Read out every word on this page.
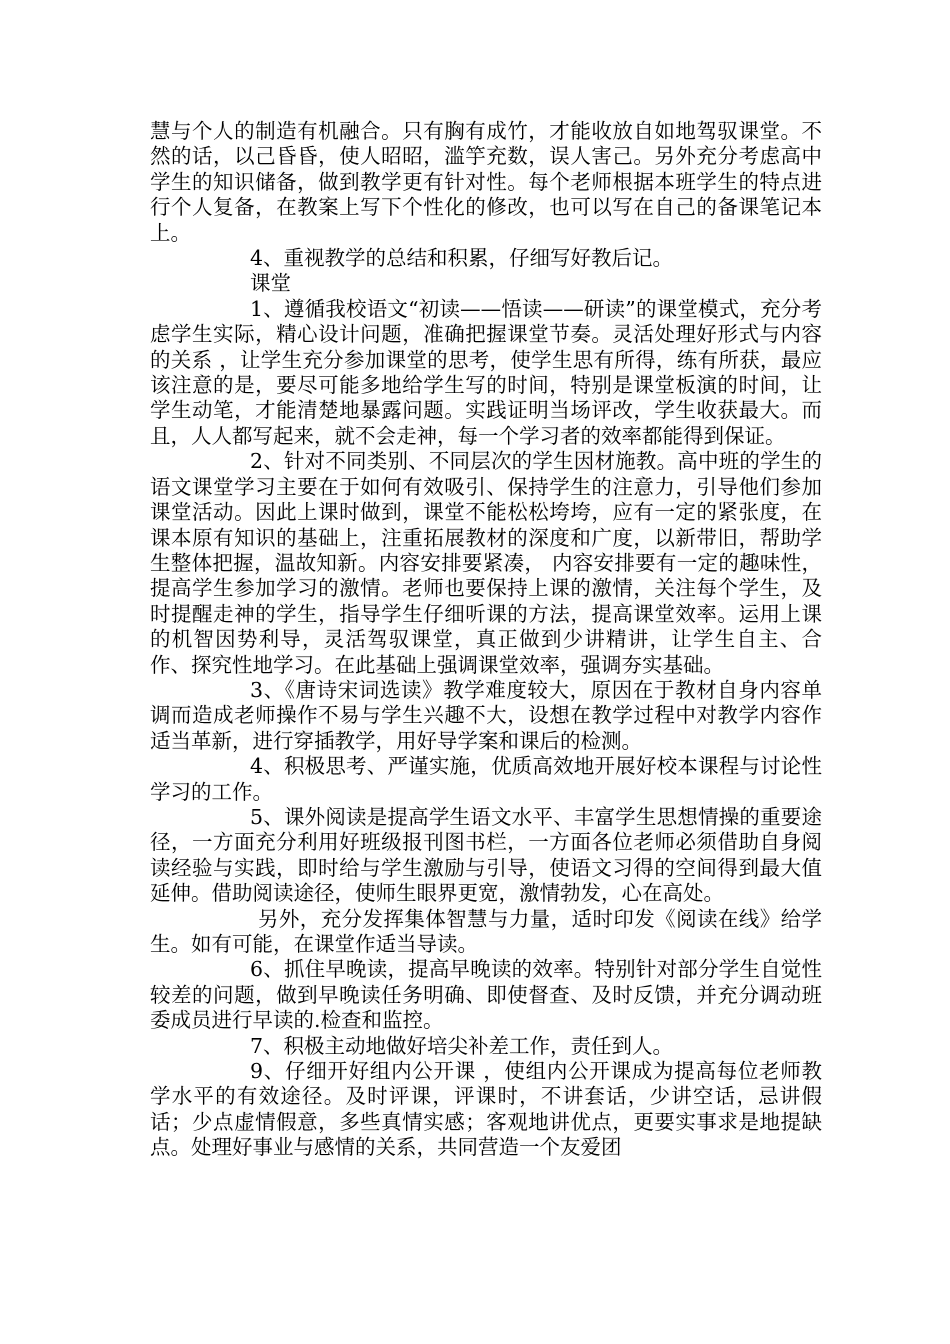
慧与个人的制造有机融合。只有胸有成竹，才能收放自如地驾驭课堂。不然的话，以己昏昏，使人昭昭，滥竽充数，误人害己。另外充分考虑高中学生的知识储备，做到教学更有针对性。每个老师根据本班学生的特点进行个人复备，在教案上写下个性化的修改，也可以写在自己的备课笔记本上。

4、重视教学的总结和积累，仔细写好教后记。

课堂

1、遵循我校语文“初读——悟读——研读”的课堂模式，充分考虑学生实际，精心设计问题，准确把握课堂节奏。灵活处理好形式与内容的关系 ，让学生充分参加课堂的思考，使学生思有所得，练有所获，最应该注意的是，要尽可能多地给学生写的时间，特别是课堂板演的时间，让学生动笔，才能清楚地暴露问题。实践证明当场评改，学生收获最大。而且，人人都写起来，就不会走神，每一个学习者的效率都能得到保证。

2、针对不同类别、不同层次的学生因材施教。高中班的学生的语文课堂学习主要在于如何有效吸引、保持学生的注意力，引导他们参加课堂活动。因此上课时做到，课堂不能松松垮垮，应有一定的紧张度，在课本原有知识的基础上，注重拓展教材的深度和广度，以新带旧，帮助学生整体把握，温故知新。内容安排要紧凑， 内容安排要有一定的趣味性，提高学生参加学习的激情。老师也要保持上课的激情，关注每个学生，及时提醒走神的学生，指导学生仔细听课的方法，提高课堂效率。运用上课的机智因势利导，灵活驾驭课堂，真正做到少讲精讲，让学生自主、合作、探究性地学习。在此基础上强调课堂效率，强调夯实基础。

3、《唐诗宋词选读》教学难度较大，原因在于教材自身内容单调而造成老师操作不易与学生兴趣不大，设想在教学过程中对教学内容作适当革新，进行穿插教学，用好导学案和课后的检测。

4、积极思考、严谨实施，优质高效地开展好校本课程与讨论性学习的工作。

5、课外阅读是提高学生语文水平、丰富学生思想情操的重要途径，一方面充分利用好班级报刊图书栏，一方面各位老师必须借助自身阅读经验与实践，即时给与学生激励与引导，使语文习得的空间得到最大值延伸。借助阅读途径，使师生眼界更宽，激情勃发，心在高处。

另外，充分发挥集体智慧与力量，适时印发《阅读在线》给学生。如有可能，在课堂作适当导读。

6、抓住早晚读，提高早晚读的效率。特别针对部分学生自觉性较差的问题，做到早晚读任务明确、即使督查、及时反馈，并充分调动班委成员进行早读的.检查和监控。

7、积极主动地做好培尖补差工作，责任到人。

9、仔细开好组内公开课 ，使组内公开课成为提高每位老师教学水平的有效途径。及时评课，评课时，不讲套话，少讲空话，忌讲假话；少点虚情假意，多些真情实感；客观地讲优点，更要实事求是地提缺点。处理好事业与感情的关系，共同营造一个友爱团
